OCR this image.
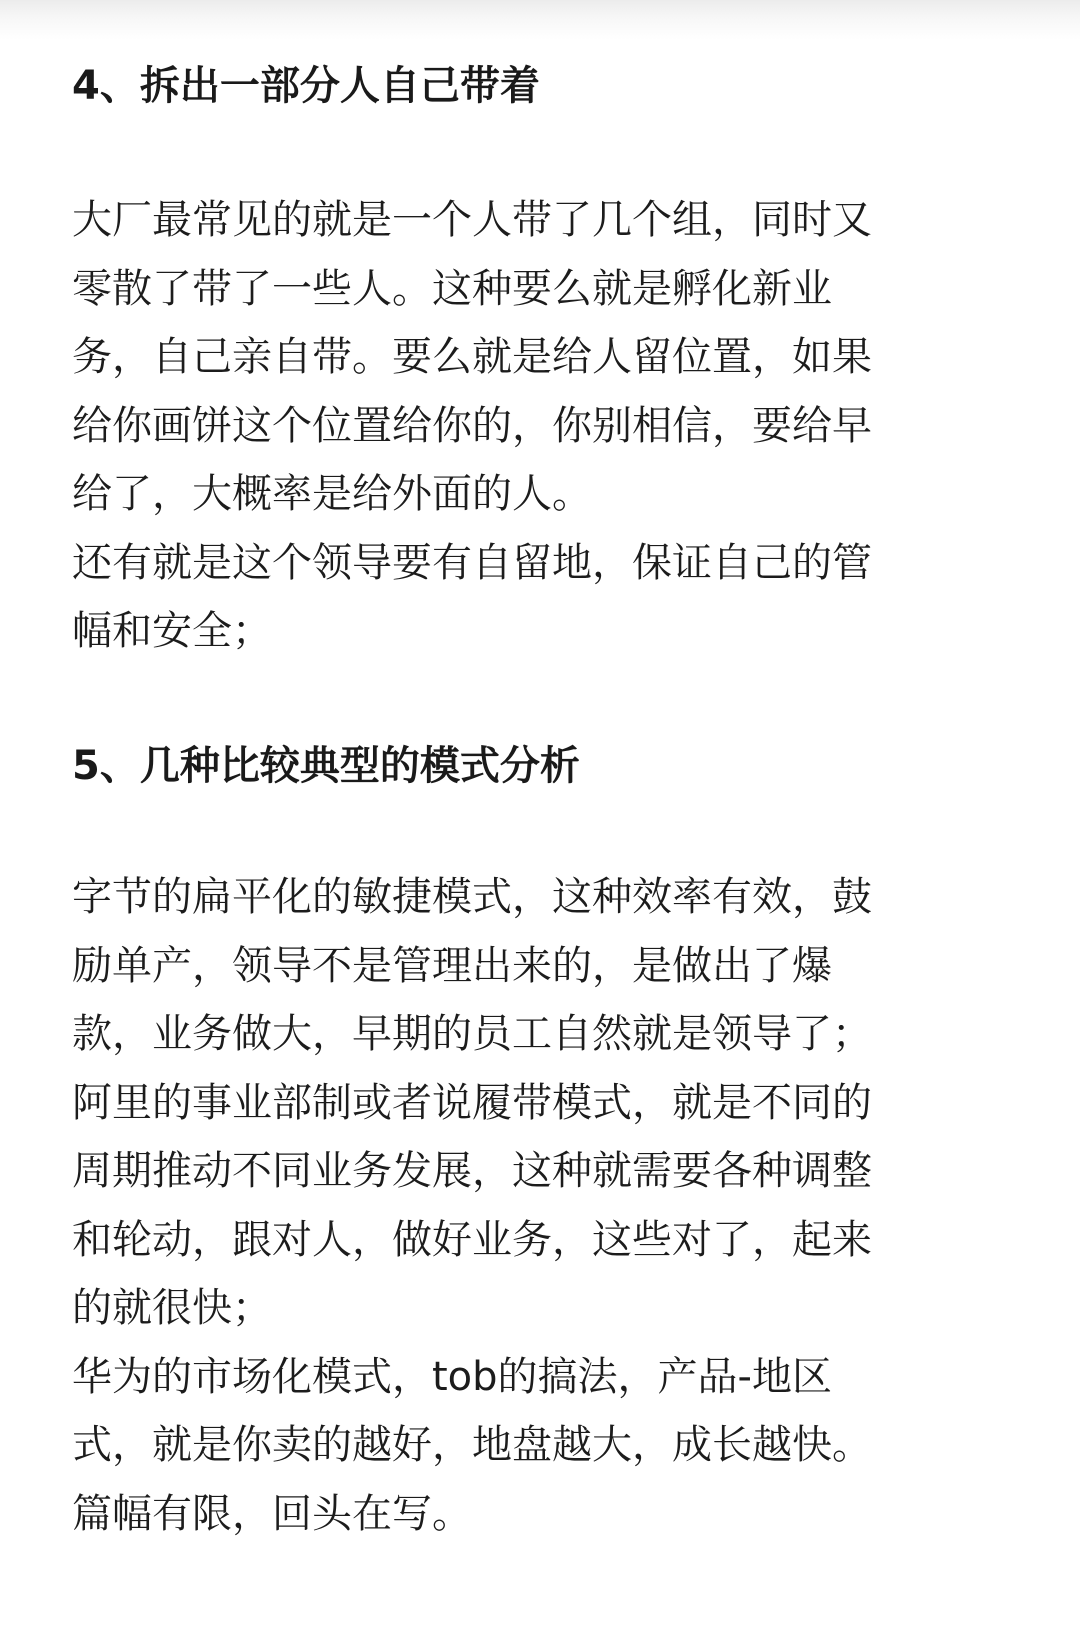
4、拆出一部分人自己带着

大厂最常见的就是一个人带了几个组，同时又
零散了带了一些人。这种要么就是孵化新业
务，自己亲自带。要么就是给人留位置，如果
给你画饼这个位置给你的，你别相信，要给早
给了，大概率是给外面的人。
还有就是这个领导要有自留地，保证自己的管
幅和安全；

5、几种比较典型的模式分析

字节的扁平化的敏捷模式，这种效率有效，鼓
励单产，领导不是管理出来的，是做出了爆
款，业务做大，早期的员工自然就是领导了；
阿里的事业部制或者说履带模式，就是不同的
周期推动不同业务发展，这种就需要各种调整
和轮动，跟对人，做好业务，这些对了，起来
的就很快；
华为的市场化模式，tob的搞法，产品-地区
式，就是你卖的越好，地盘越大，成长越快。
篇幅有限，回头在写。
